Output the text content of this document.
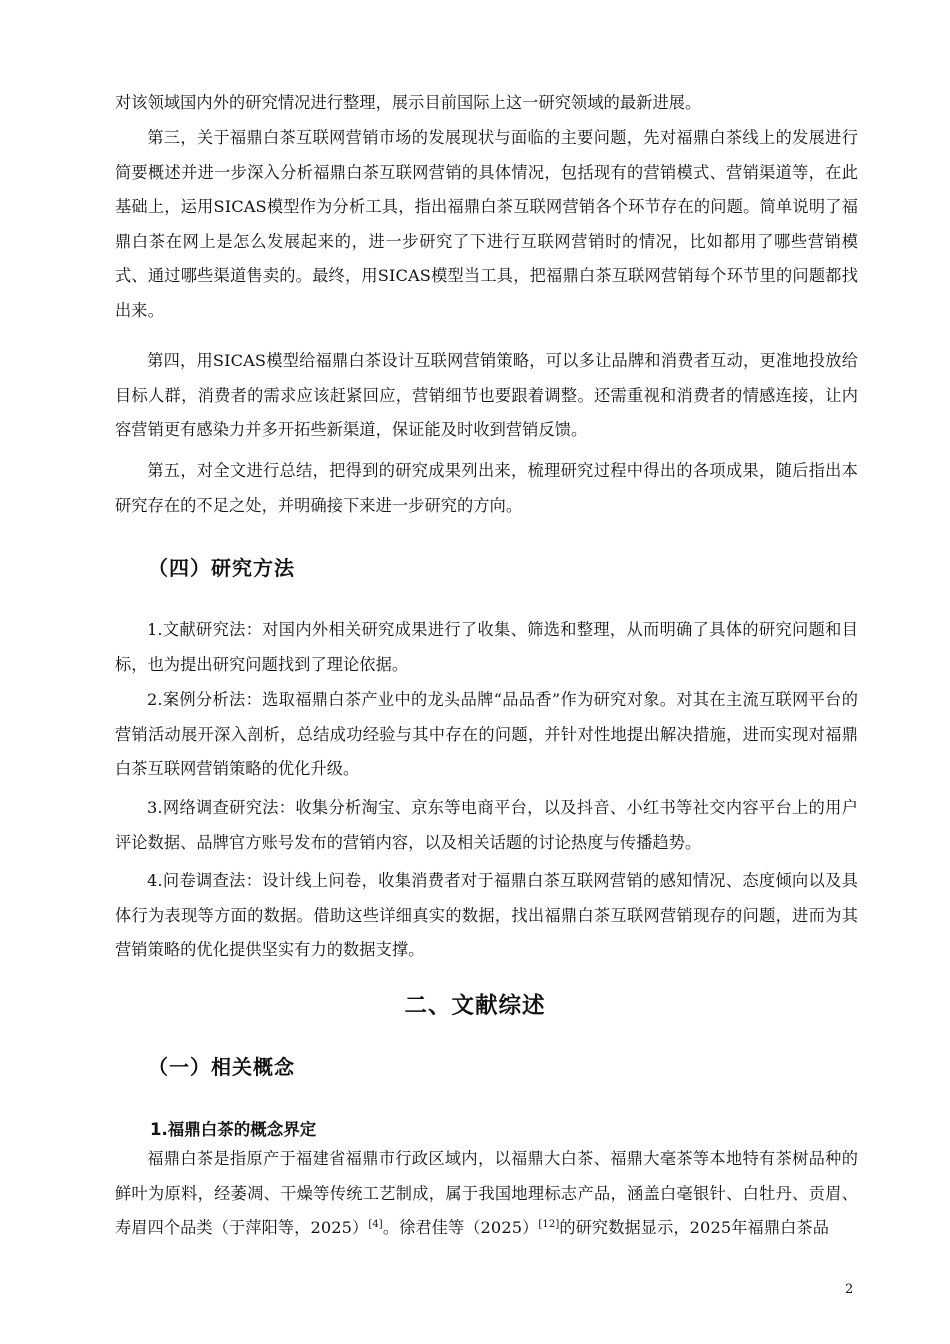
对该领域国内外的研究情况进行整理，展示目前国际上这一研究领域的最新进展。
第三，关于福鼎白茶互联网营销市场的发展现状与面临的主要问题，先对福鼎白茶线上的发展进行简要概述并进一步深入分析福鼎白茶互联网营销的具体情况，包括现有的营销模式、营销渠道等，在此基础上，运用SICAS模型作为分析工具，指出福鼎白茶互联网营销各个环节存在的问题。简单说明了福鼎白茶在网上是怎么发展起来的，进一步研究了下进行互联网营销时的情况，比如都用了哪些营销模式、通过哪些渠道售卖的。最终，用SICAS模型当工具，把福鼎白茶互联网营销每个环节里的问题都找出来。
第四，用SICAS模型给福鼎白茶设计互联网营销策略，可以多让品牌和消费者互动，更准地投放给目标人群，消费者的需求应该赶紧回应，营销细节也要跟着调整。还需重视和消费者的情感连接，让内容营销更有感染力并多开拓些新渠道，保证能及时收到营销反馈。
第五，对全文进行总结，把得到的研究成果列出来，梳理研究过程中得出的各项成果，随后指出本研究存在的不足之处，并明确接下来进一步研究的方向。
（四）研究方法
1.文献研究法：对国内外相关研究成果进行了收集、筛选和整理，从而明确了具体的研究问题和目标，也为提出研究问题找到了理论依据。
2.案例分析法：选取福鼎白茶产业中的龙头品牌“品品香”作为研究对象。对其在主流互联网平台的营销活动展开深入剖析，总结成功经验与其中存在的问题，并针对性地提出解决措施，进而实现对福鼎白茶互联网营销策略的优化升级。
3.网络调查研究法：收集分析淘宝、京东等电商平台，以及抖音、小红书等社交内容平台上的用户评论数据、品牌官方账号发布的营销内容，以及相关话题的讨论热度与传播趋势。
4.问卷调查法：设计线上问卷，收集消费者对于福鼎白茶互联网营销的感知情况、态度倾向以及具体行为表现等方面的数据。借助这些详细真实的数据，找出福鼎白茶互联网营销现存的问题，进而为其营销策略的优化提供坚实有力的数据支撑。
二、文献综述
（一）相关概念
1.福鼎白茶的概念界定
福鼎白茶是指原产于福建省福鼎市行政区域内，以福鼎大白茶、福鼎大毫茶等本地特有茶树品种的鲜叶为原料，经萎凋、干燥等传统工艺制成，属于我国地理标志产品，涵盖白毫银针、白牡丹、贡眉、寿眉四个品类（于萍阳等，2025）[4]。徐君佳等（2025）[12]的研究数据显示，2025年福鼎白茶品
2
